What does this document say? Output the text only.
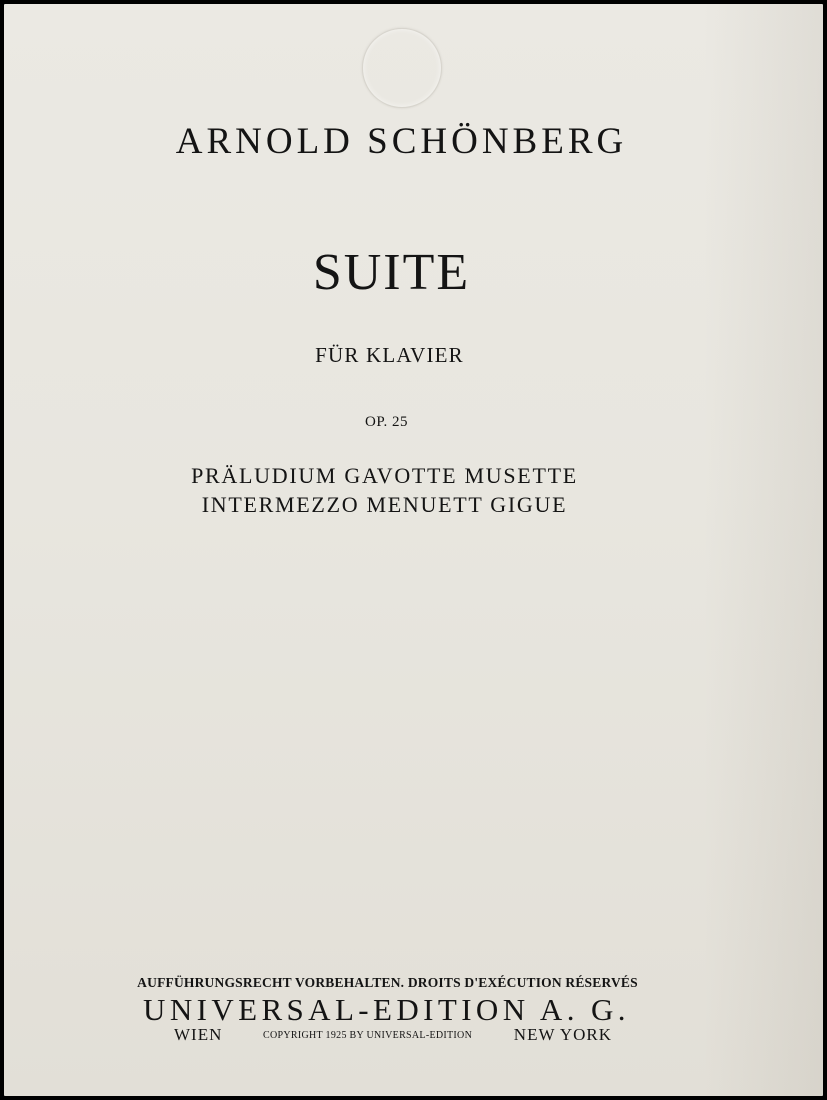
ARNOLD SCHÖNBERG
SUITE
FÜR KLAVIER
OP. 25
PRÄLUDIUM GAVOTTE MUSETTE
INTERMEZZO MENUETT GIGUE
AUFFÜHRUNGSRECHT VORBEHALTEN. DROITS D'EXÉCUTION RÉSERVÉS
UNIVERSAL-EDITION A. G.
WIEN	COPYRIGHT 1925 BY UNIVERSAL-EDITION NEW YORK
